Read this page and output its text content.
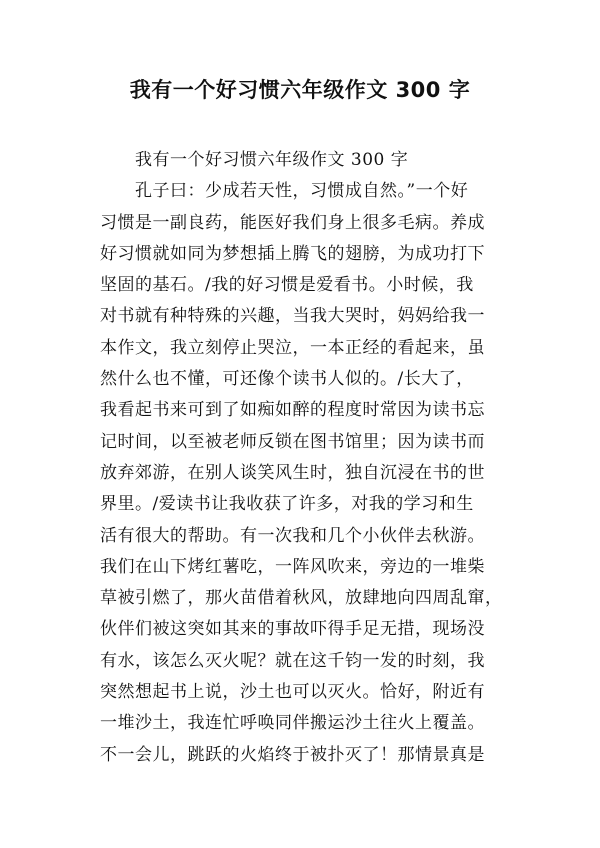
我有一个好习惯六年级作文 300 字
我有一个好习惯六年级作文 300 字
孔子曰：少成若天性，习惯成自然。”一个好
习惯是一副良药，能医好我们身上很多毛病。养成
好习惯就如同为梦想插上腾飞的翅膀，为成功打下
坚固的基石。/我的好习惯是爱看书。小时候，我
对书就有种特殊的兴趣，当我大哭时，妈妈给我一
本作文，我立刻停止哭泣，一本正经的看起来，虽
然什么也不懂，可还像个读书人似的。/长大了，
我看起书来可到了如痴如醉的程度时常因为读书忘
记时间，以至被老师反锁在图书馆里；因为读书而
放弃郊游，在别人谈笑风生时，独自沉浸在书的世
界里。/爱读书让我收获了许多，对我的学习和生
活有很大的帮助。有一次我和几个小伙伴去秋游。
我们在山下烤红薯吃，一阵风吹来，旁边的一堆柴
草被引燃了，那火苗借着秋风，放肆地向四周乱窜，
伙伴们被这突如其来的事故吓得手足无措，现场没
有水，该怎么灭火呢？就在这千钧一发的时刻，我
突然想起书上说，沙土也可以灭火。恰好，附近有
一堆沙土，我连忙呼唤同伴搬运沙土往火上覆盖。
不一会儿，跳跃的火焰终于被扑灭了！那情景真是
